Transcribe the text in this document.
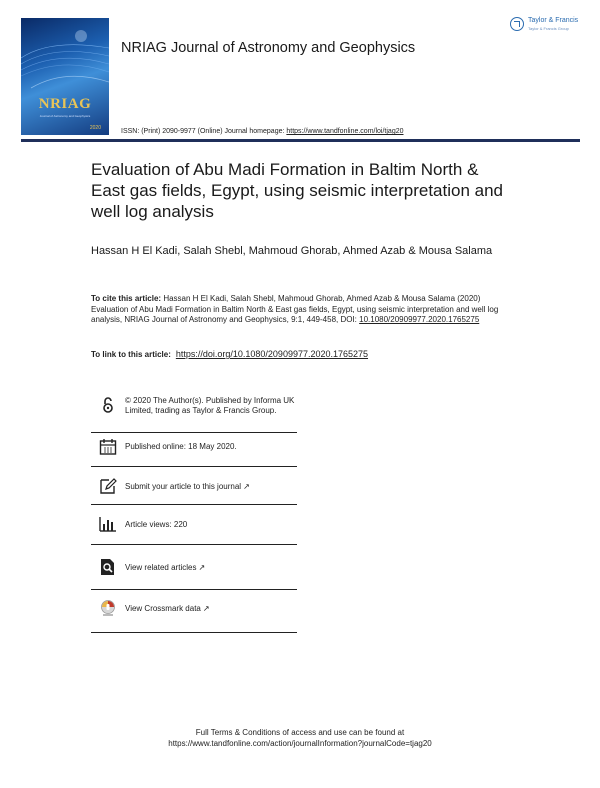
NRIAG
Journal of Astronomy and Geophysics
2020
NRIAG Journal of Astronomy and Geophysics
Taylor & Francis
Taylor & Francis Group
ISSN: (Print) 2090-9977 (Online) Journal homepage: https://www.tandfonline.com/loi/tjag20
Evaluation of Abu Madi Formation in Baltim North & East gas fields, Egypt, using seismic interpretation and well log analysis
Hassan H El Kadi, Salah Shebl, Mahmoud Ghorab, Ahmed Azab & Mousa Salama
To cite this article: Hassan H El Kadi, Salah Shebl, Mahmoud Ghorab, Ahmed Azab & Mousa Salama (2020) Evaluation of Abu Madi Formation in Baltim North & East gas fields, Egypt, using seismic interpretation and well log analysis, NRIAG Journal of Astronomy and Geophysics, 9:1, 449-458, DOI: 10.1080/20909977.2020.1765275
To link to this article: https://doi.org/10.1080/20909977.2020.1765275
© 2020 The Author(s). Published by Informa UK Limited, trading as Taylor & Francis Group.
Published online: 18 May 2020.
Submit your article to this journal ↗
Article views: 220
View related articles ↗
View Crossmark data ↗
Full Terms & Conditions of access and use can be found at
https://www.tandfonline.com/action/journalInformation?journalCode=tjag20
